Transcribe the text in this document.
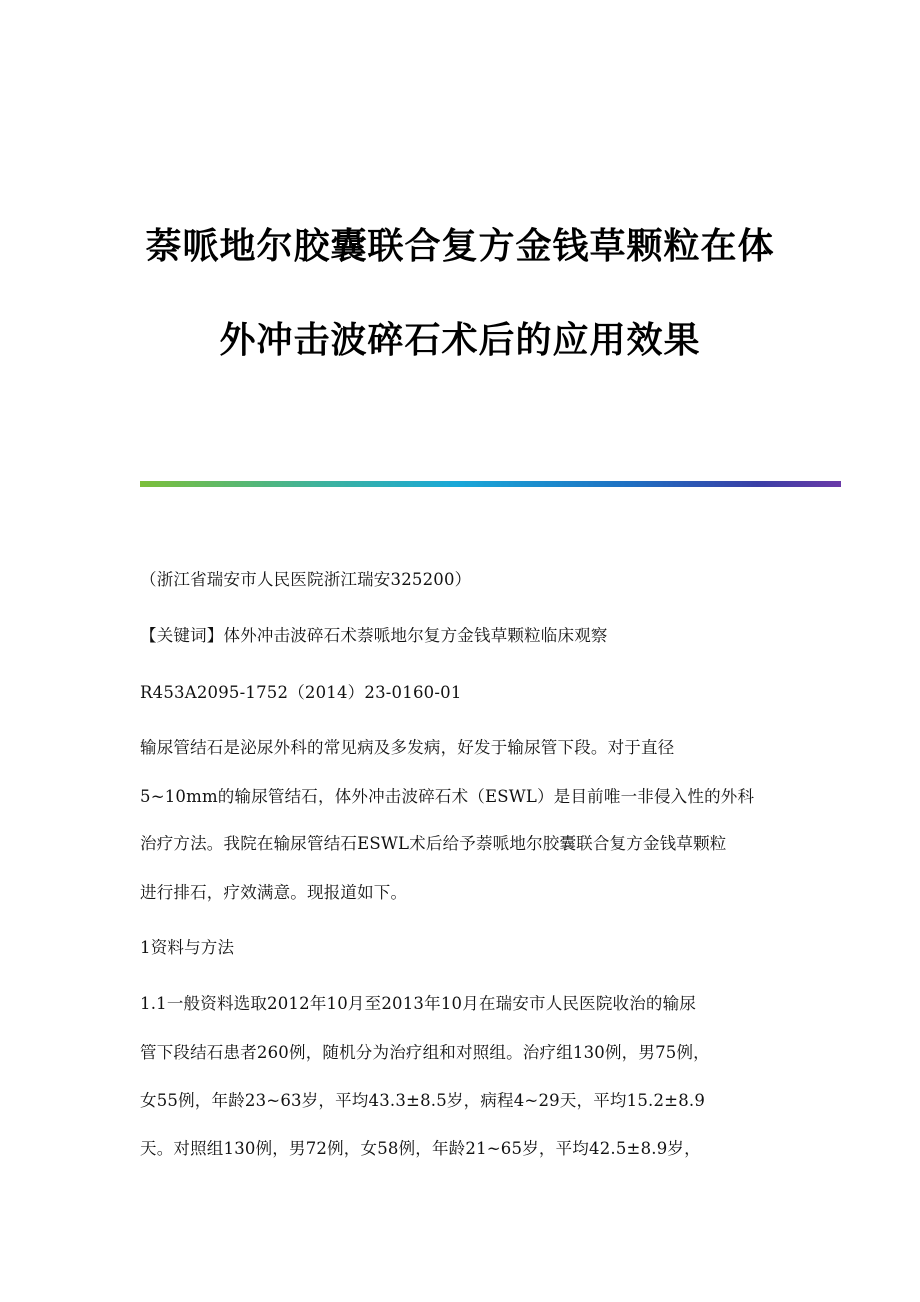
萘哌地尔胶囊联合复方金钱草颗粒在体
外冲击波碎石术后的应用效果
（浙江省瑞安市人民医院浙江瑞安325200）
【关键词】体外冲击波碎石术萘哌地尔复方金钱草颗粒临床观察
R453A2095-1752（2014）23-0160-01
输尿管结石是泌尿外科的常见病及多发病，好发于输尿管下段。对于直径
5~10mm的输尿管结石，体外冲击波碎石术（ESWL）是目前唯一非侵入性的外科
治疗方法。我院在输尿管结石ESWL术后给予萘哌地尔胶囊联合复方金钱草颗粒
进行排石，疗效满意。现报道如下。
1资料与方法
1.1一般资料选取2012年10月至2013年10月在瑞安市人民医院收治的输尿
管下段结石患者260例，随机分为治疗组和对照组。治疗组130例，男75例，
女55例，年龄23~63岁，平均43.3±8.5岁，病程4~29天，平均15.2±8.9
天。对照组130例，男72例，女58例，年龄21~65岁，平均42.5±8.9岁，
